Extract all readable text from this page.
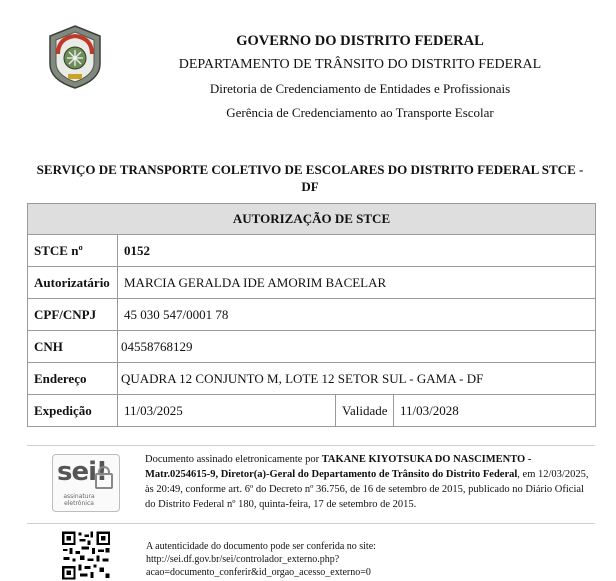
GOVERNO DO DISTRITO FEDERAL
DEPARTAMENTO DE TRÂNSITO DO DISTRITO FEDERAL
Diretoria de Credenciamento de Entidades e Profissionais
Gerência de Credenciamento ao Transporte Escolar
SERVIÇO DE TRANSPORTE COLETIVO DE ESCOLARES DO DISTRITO FEDERAL STCE - DF
AUTORIZAÇÃO DE STCE			
STCE nº	0152		
Autorizatário	MARCIA GERALDA IDE AMORIM BACELAR		
CPF/CNPJ	45 030 547/0001 78		
CNH	04558768129		
Endereço	QUADRA 12 CONJUNTO M, LOTE 12 SETOR SUL - GAMA - DF		
Expedição	11/03/2025	Validade	11/03/2028
sei!
assinatura eletrônica
Documento assinado eletronicamente por TAKANE KIYOTSUKA DO NASCIMENTO - Matr.0254615-9, Diretor(a)-Geral do Departamento de Trânsito do Distrito Federal, em 12/03/2025, às 20:49, conforme art. 6º do Decreto nº 36.756, de 16 de setembro de 2015, publicado no Diário Oficial do Distrito Federal nº 180, quinta-feira, 17 de setembro de 2015.
A autenticidade do documento pode ser conferida no site:
http://sei.df.gov.br/sei/controlador_externo.php?
acao=documento_conferir&id_orgao_acesso_externo=0
